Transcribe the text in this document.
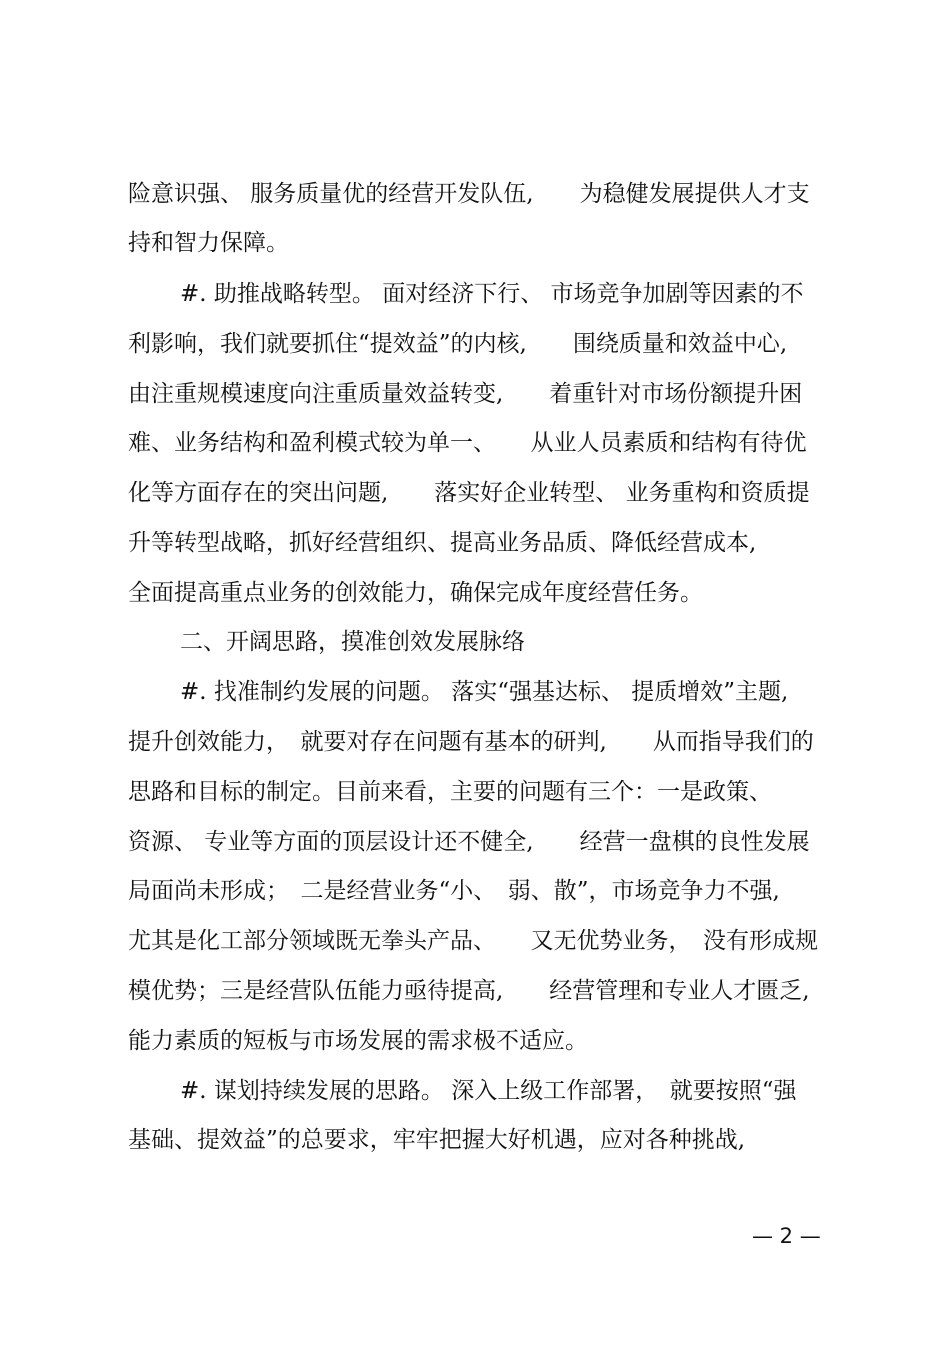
险意识强、 服务质量优的经营开发队伍,　　为稳健发展提供人才支
持和智力保障。
#. 助推战略转型。 面对经济下行、 市场竞争加剧等因素的不
利影响，我们就要抓住“提效益”的内核,　　围绕质量和效益中心,
由注重规模速度向注重质量效益转变,　　着重针对市场份额提升困
难、业务结构和盈利模式较为单一、　　从业人员素质和结构有待优
化等方面存在的突出问题,　　落实好企业转型、 业务重构和资质提
升等转型战略，抓好经营组织、提高业务品质、降低经营成本,
全面提高重点业务的创效能力，确保完成年度经营任务。
二、开阔思路，摸准创效发展脉络
#. 找准制约发展的问题。 落实“强基达标、 提质增效”主题,
提升创效能力，　就要对存在问题有基本的研判,　　从而指导我们的
思路和目标的制定。目前来看，主要的问题有三个：一是政策、
资源、 专业等方面的顶层设计还不健全,　　经营一盘棋的良性发展
局面尚未形成；　二是经营业务“小、　弱、散”，市场竞争力不强,
尤其是化工部分领域既无拳头产品、　　又无优势业务，　没有形成规
模优势；三是经营队伍能力亟待提高,　　经营管理和专业人才匮乏,
能力素质的短板与市场发展的需求极不适应。
#. 谋划持续发展的思路。 深入上级工作部署，　就要按照“强
基础、提效益”的总要求，牢牢把握大好机遇，应对各种挑战,
— 2 —
